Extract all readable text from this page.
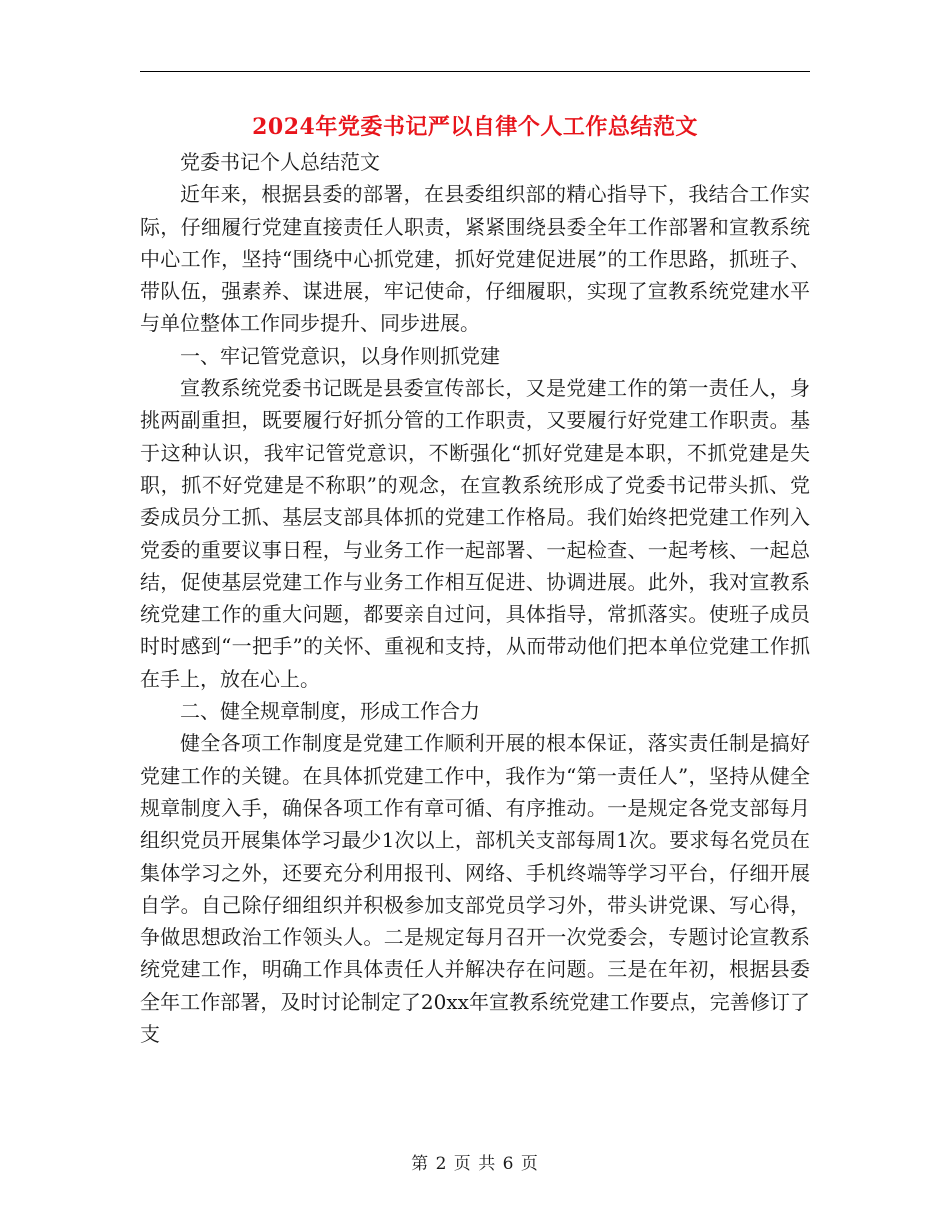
2024年党委书记严以自律个人工作总结范文

党委书记个人总结范文

近年来，根据县委的部署，在县委组织部的精心指导下，我结合工作实际，仔细履行党建直接责任人职责，紧紧围绕县委全年工作部署和宣教系统中心工作，坚持“围绕中心抓党建，抓好党建促进展”的工作思路，抓班子、带队伍，强素养、谋进展，牢记使命，仔细履职，实现了宣教系统党建水平与单位整体工作同步提升、同步进展。

一、牢记管党意识，以身作则抓党建

宣教系统党委书记既是县委宣传部长，又是党建工作的第一责任人，身挑两副重担，既要履行好抓分管的工作职责，又要履行好党建工作职责。基于这种认识，我牢记管党意识，不断强化“抓好党建是本职，不抓党建是失职，抓不好党建是不称职”的观念，在宣教系统形成了党委书记带头抓、党委成员分工抓、基层支部具体抓的党建工作格局。我们始终把党建工作列入党委的重要议事日程，与业务工作一起部署、一起检查、一起考核、一起总结，促使基层党建工作与业务工作相互促进、协调进展。此外，我对宣教系统党建工作的重大问题，都要亲自过问，具体指导，常抓落实。使班子成员时时感到“一把手”的关怀、重视和支持，从而带动他们把本单位党建工作抓在手上，放在心上。

二、健全规章制度，形成工作合力

健全各项工作制度是党建工作顺利开展的根本保证，落实责任制是搞好党建工作的关键。在具体抓党建工作中，我作为“第一责任人”，坚持从健全规章制度入手，确保各项工作有章可循、有序推动。一是规定各党支部每月组织党员开展集体学习最少1次以上，部机关支部每周1次。要求每名党员在集体学习之外，还要充分利用报刊、网络、手机终端等学习平台，仔细开展自学。自己除仔细组织并积极参加支部党员学习外，带头讲党课、写心得，争做思想政治工作领头人。二是规定每月召开一次党委会，专题讨论宣教系统党建工作，明确工作具体责任人并解决存在问题。三是在年初，根据县委全年工作部署，及时讨论制定了20xx年宣教系统党建工作要点，完善修订了支

第 2 页 共 6 页
